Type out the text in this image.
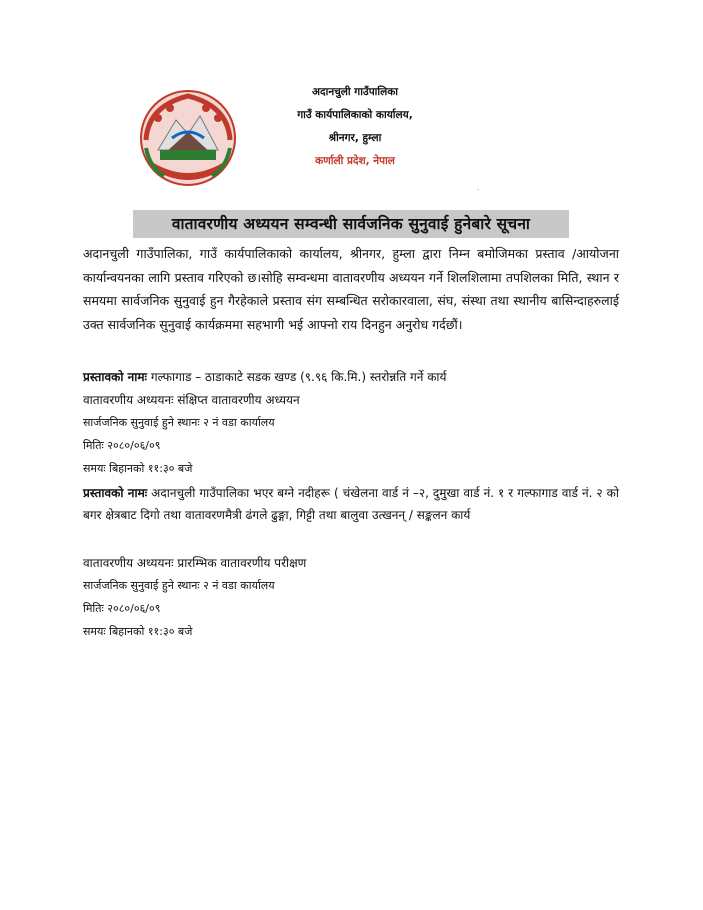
अदानचुली गाउँपालिका
गाउँ कार्यपालिकाको कार्यालय,
श्रीनगर, हुम्ला
कर्णाली प्रदेश, नेपाल
·
वातावरणीय अध्ययन सम्वन्धी सार्वजनिक सुनुवाई हुनेबारे सूचना
अदानचुली गाउँपालिका, गाउँ कार्यपालिकाको कार्यालय, श्रीनगर, हुम्ला द्वारा निम्न बमोजिमका प्रस्ताव /आयोजना कार्यान्वयनका लागि प्रस्ताव गरिएको छ।सोहि सम्वन्धमा वातावरणीय अध्ययन गर्ने शिलशिलामा तपशिलका मिति, स्थान र समयमा सार्वजनिक सुनुवाई हुन गैरहेकाले प्रस्ताव संग सम्बन्धित सरोकारवाला, संघ, संस्था तथा स्थानीय बासिन्दाहरुलाई उक्त सार्वजनिक सुनुवाई कार्यक्रममा सहभागी भई आफ्नो राय दिनहुन अनुरोध गर्दछौं।
प्रस्तावको नामः गल्फागाड – ठाडाकाटे सडक खण्ड (९.९६ कि.मि.) स्तरोन्नति गर्ने कार्य
वातावरणीय अध्ययनः संक्षिप्त वातावरणीय अध्ययन
सार्जजनिक सुनुवाई हुने स्थानः २ नं वडा कार्यालय
मितिः २०८०/०६/०९
समयः बिहानको ११:३० बजे
प्रस्तावको नामः अदानचुली गाउँपालिका भएर बग्ने नदीहरू ( चंखेलना वार्ड नं –२, दुमुखा वार्ड नं. १ र गल्फागाड वार्ड नं. २ को बगर क्षेत्रबाट दिगो तथा वातावरणमैत्री ढंगले ढुङ्गा, गिट्टी तथा बालुवा उत्खनन् / सङ्कलन कार्य
वातावरणीय अध्ययनः प्रारम्भिक वातावरणीय परीक्षण
सार्जजनिक सुनुवाई हुने स्थानः २ नं वडा कार्यालय
मितिः २०८०/०६/०९
समयः बिहानको ११:३० बजे
